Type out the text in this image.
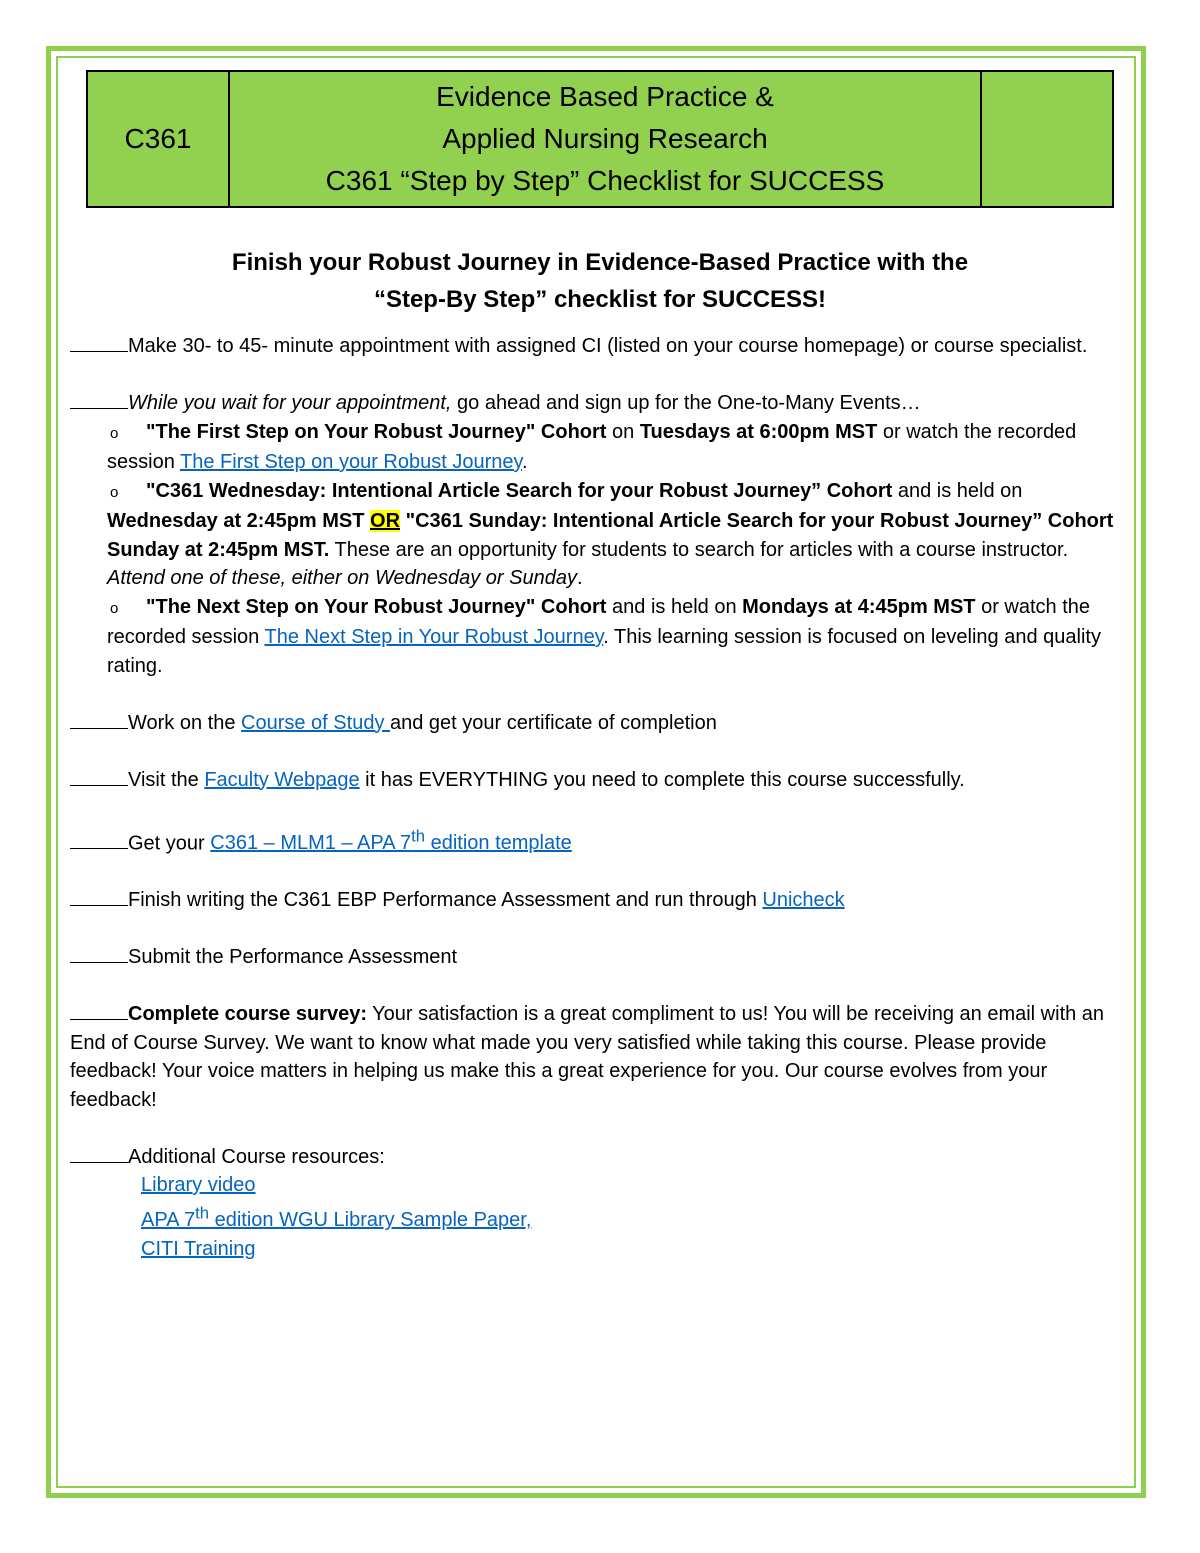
C361	
Evidence Based Practice &
Applied Nursing Research
C361 “Step by Step” Checklist for SUCCESS

Finish your Robust Journey in Evidence-Based Practice with the
“Step-By Step” checklist for SUCCESS!
Make 30- to 45- minute appointment with assigned CI (listed on your course homepage) or course specialist.
While you wait for your appointment, go ahead and sign up for the One-to-Many Events…
o "The First Step on Your Robust Journey" Cohort on Tuesdays at 6:00pm MST or watch the recorded session The First Step on your Robust Journey.
o "C361 Wednesday: Intentional Article Search for your Robust Journey” Cohort and is held on Wednesday at 2:45pm MST OR "C361 Sunday: Intentional Article Search for your Robust Journey” Cohort Sunday at 2:45pm MST. These are an opportunity for students to search for articles with a course instructor. Attend one of these, either on Wednesday or Sunday.
o "The Next Step on Your Robust Journey" Cohort and is held on Mondays at 4:45pm MST or watch the recorded session The Next Step in Your Robust Journey. This learning session is focused on leveling and quality rating.
Work on the Course of Study and get your certificate of completion
Visit the Faculty Webpage it has EVERYTHING you need to complete this course successfully.
Get your C361 – MLM1 – APA 7th edition template
Finish writing the C361 EBP Performance Assessment and run through Unicheck
Submit the Performance Assessment
Complete course survey: Your satisfaction is a great compliment to us! You will be receiving an email with an End of Course Survey. We want to know what made you very satisfied while taking this course. Please provide feedback! Your voice matters in helping us make this a great experience for you. Our course evolves from your feedback!
Additional Course resources:
Library video
APA 7th edition WGU Library Sample Paper,
CITI Training
